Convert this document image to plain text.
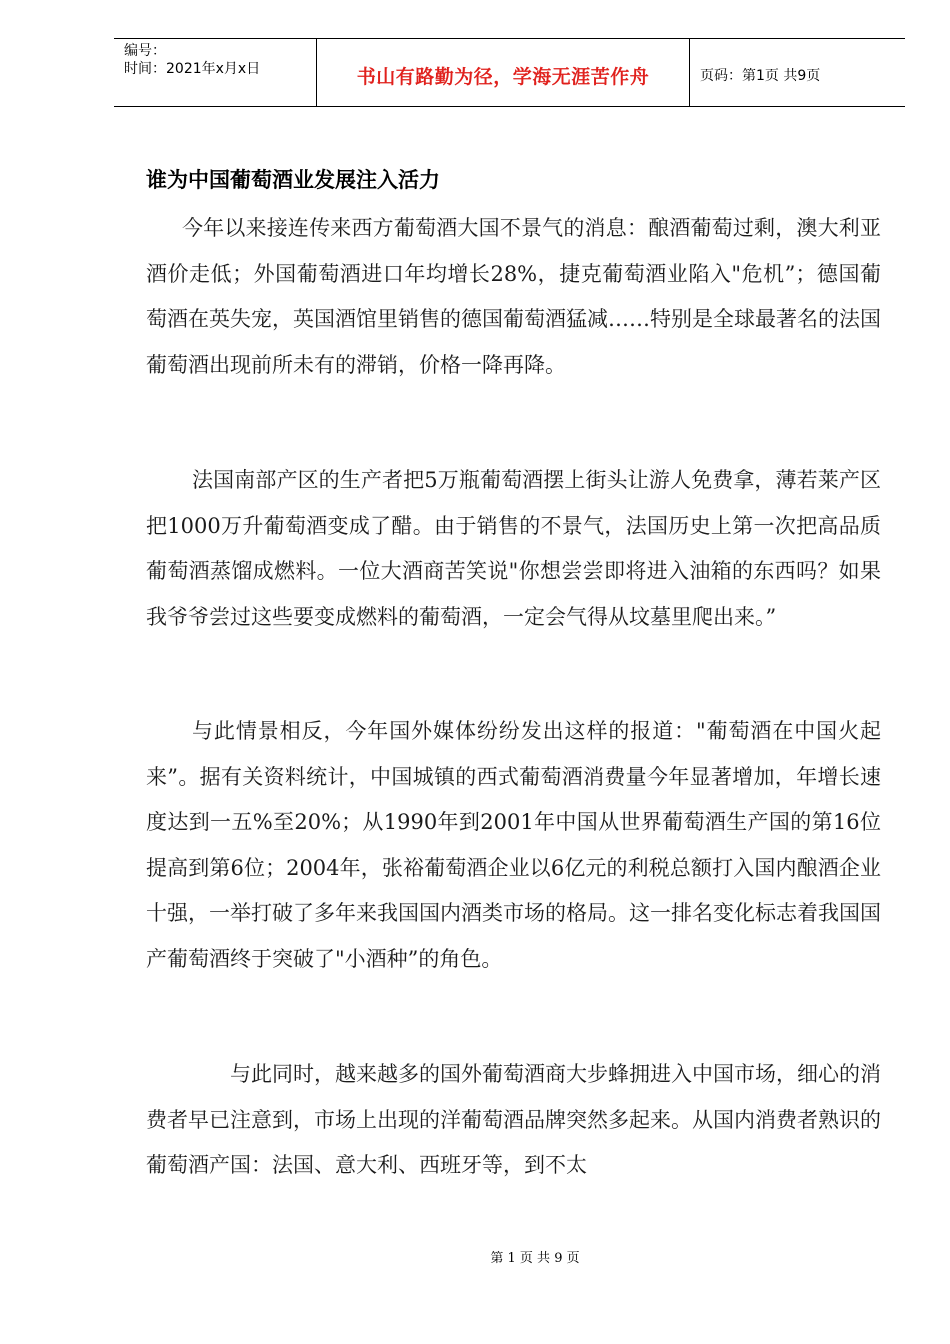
编号：
时间：2021年x月x日	书山有路勤为径，学海无涯苦作舟	页码：第1页 共9页
谁为中国葡萄酒业发展注入活力

今年以来接连传来西方葡萄酒大国不景气的消息：酿酒葡萄过剩，澳大利亚酒价走低；外国葡萄酒进口年均增长28%，捷克葡萄酒业陷入"危机”；德国葡萄酒在英失宠，英国酒馆里销售的德国葡萄酒猛减……特别是全球最著名的法国葡萄酒出现前所未有的滞销，价格一降再降。

法国南部产区的生产者把5万瓶葡萄酒摆上街头让游人免费拿，薄若莱产区把1000万升葡萄酒变成了醋。由于销售的不景气，法国历史上第一次把高品质葡萄酒蒸馏成燃料。一位大酒商苦笑说"你想尝尝即将进入油箱的东西吗？如果我爷爷尝过这些要变成燃料的葡萄酒，一定会气得从坟墓里爬出来。”

与此情景相反，今年国外媒体纷纷发出这样的报道："葡萄酒在中国火起来”。据有关资料统计，中国城镇的西式葡萄酒消费量今年显著增加，年增长速度达到一五%至20%；从1990年到2001年中国从世界葡萄酒生产国的第16位提高到第6位；2004年，张裕葡萄酒企业以6亿元的利税总额打入国内酿酒企业十强，一举打破了多年来我国国内酒类市场的格局。这一排名变化标志着我国国产葡萄酒终于突破了"小酒种”的角色。

与此同时，越来越多的国外葡萄酒商大步蜂拥进入中国市场，细心的消费者早已注意到，市场上出现的洋葡萄酒品牌突然多起来。从国内消费者熟识的葡萄酒产国：法国、意大利、西班牙等，到不太

第 1 页 共 9 页
